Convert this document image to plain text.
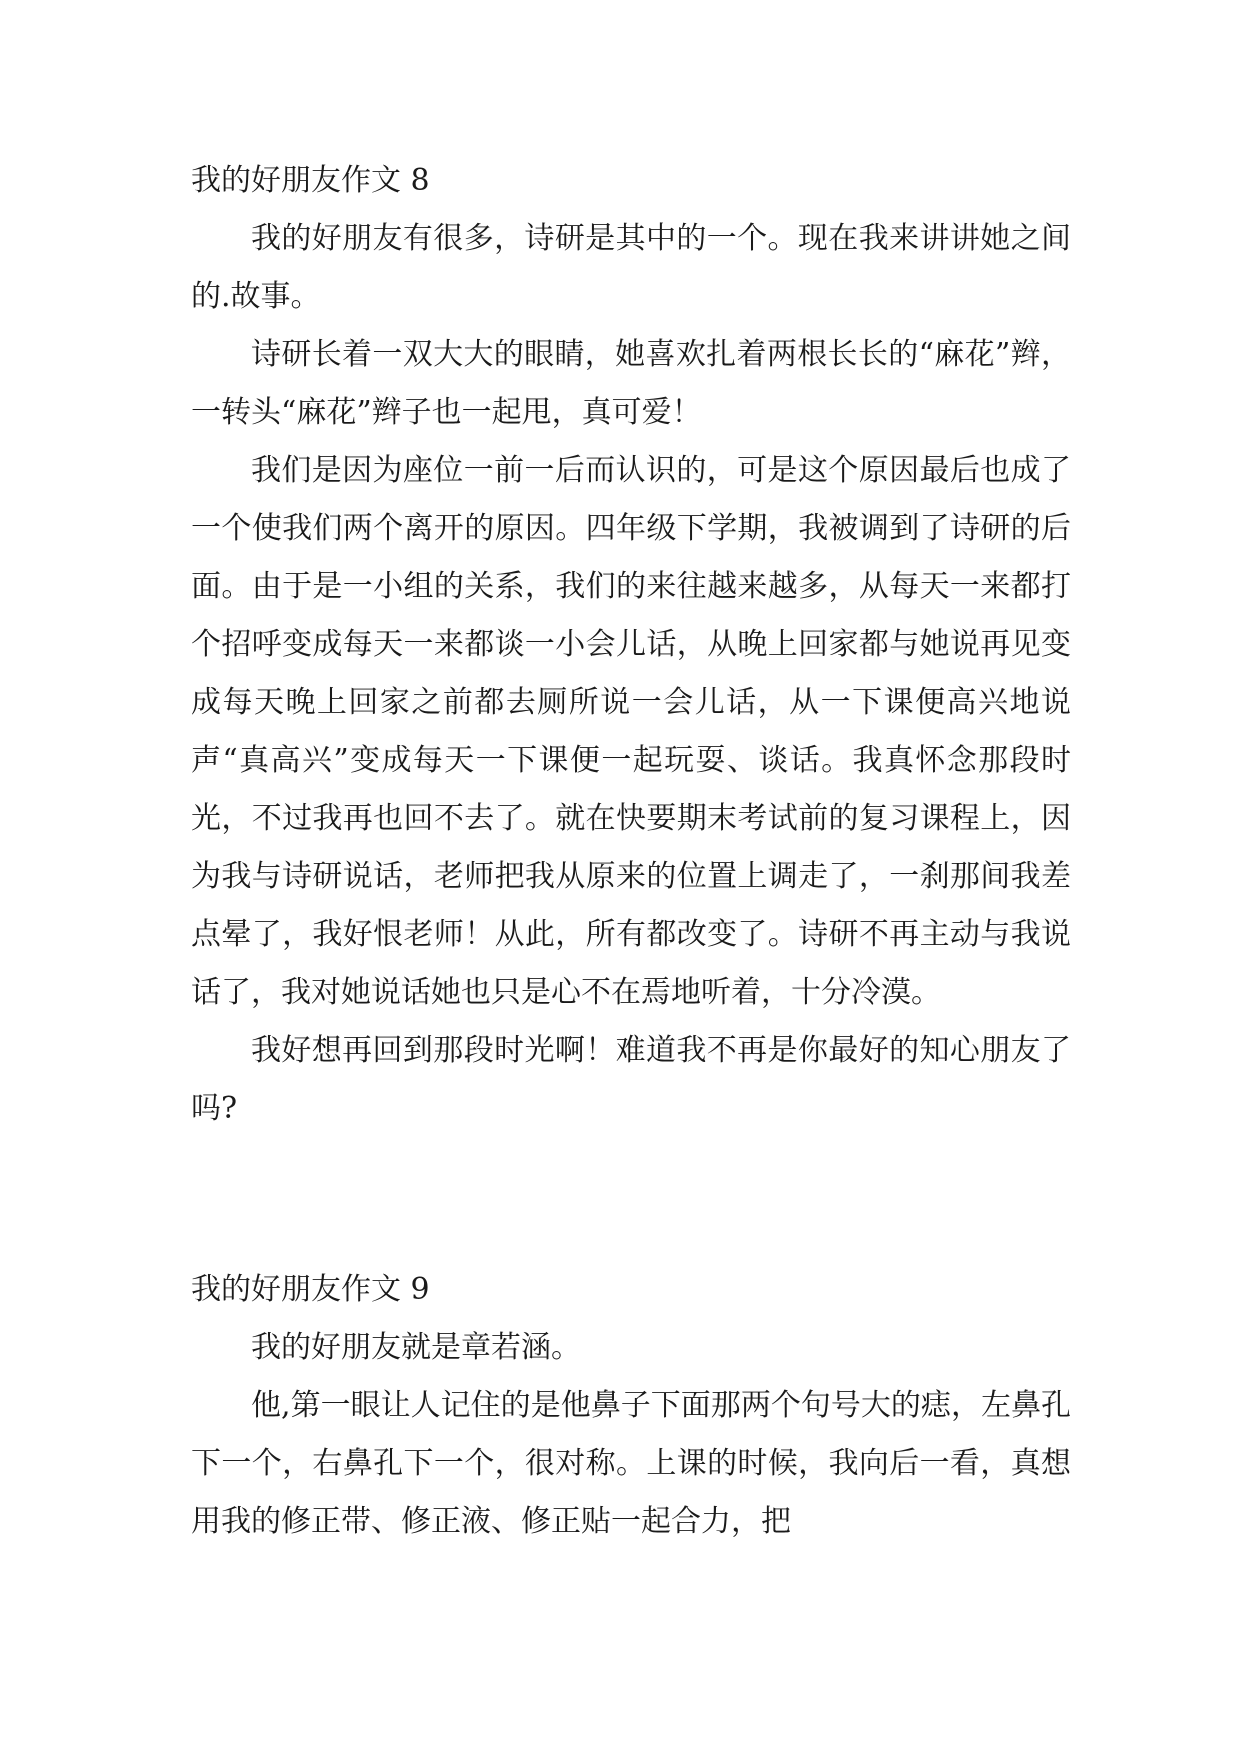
我的好朋友作文 8

我的好朋友有很多，诗研是其中的一个。现在我来讲讲她之间的.故事。

诗研长着一双大大的眼睛，她喜欢扎着两根长长的“麻花”辫，一转头“麻花”辫子也一起甩，真可爱！

我们是因为座位一前一后而认识的，可是这个原因最后也成了一个使我们两个离开的原因。四年级下学期，我被调到了诗研的后面。由于是一小组的关系，我们的来往越来越多，从每天一来都打个招呼变成每天一来都谈一小会儿话，从晚上回家都与她说再见变成每天晚上回家之前都去厕所说一会儿话，从一下课便高兴地说声“真高兴”变成每天一下课便一起玩耍、谈话。我真怀念那段时光，不过我再也回不去了。就在快要期末考试前的复习课程上，因为我与诗研说话，老师把我从原来的位置上调走了，一刹那间我差点晕了，我好恨老师！从此，所有都改变了。诗研不再主动与我说话了，我对她说话她也只是心不在焉地听着，十分冷漠。

我好想再回到那段时光啊！难道我不再是你最好的知心朋友了吗?

我的好朋友作文 9

我的好朋友就是章若涵。

他,第一眼让人记住的是他鼻子下面那两个句号大的痣，左鼻孔下一个，右鼻孔下一个，很对称。上课的时候，我向后一看，真想用我的修正带、修正液、修正贴一起合力，把
